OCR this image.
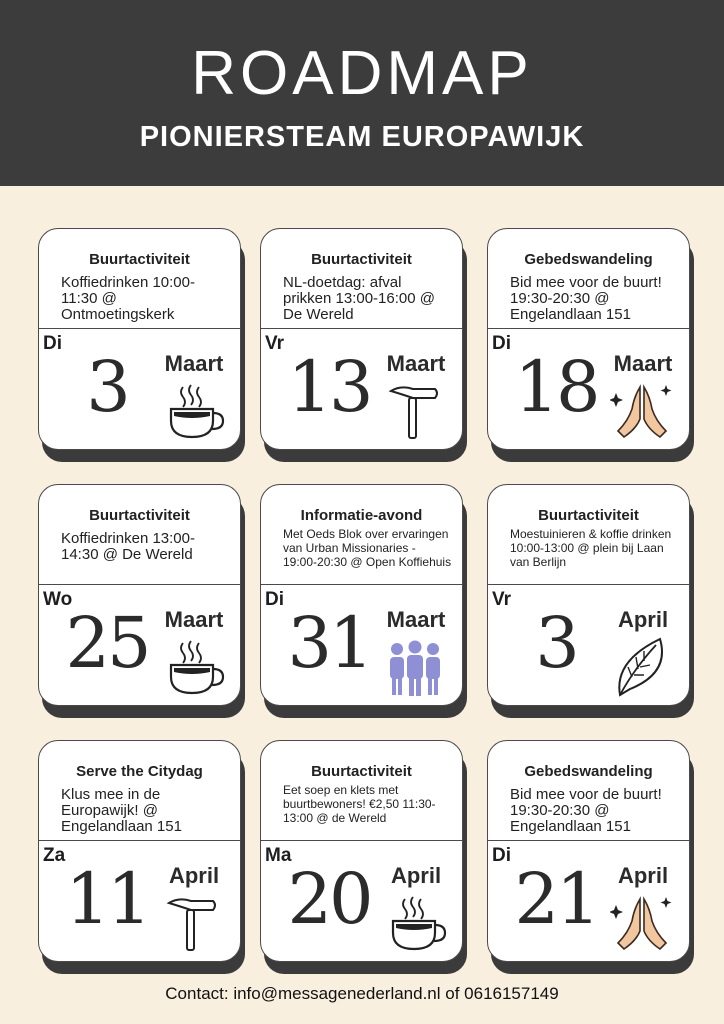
ROADMAP
PIONIERSTEAM EUROPAWIJK
Buurtactiviteit
Koffiedrinken 10:00-11:30 @ Ontmoetingskerk
Di
3	Maart
Buurtactiviteit
NL-doetdag: afval prikken 13:00-16:00 @ De Wereld
Vr
13 Maart
Gebedswandeling
Bid mee voor de buurt! 19:30-20:30 @ Engelandlaan 151
Di
18 Maart
Buurtactiviteit
Koffiedrinken 13:00-14:30 @ De Wereld
Wo
25 Maart
Informatie-avond
Met Oeds Blok over ervaringen van Urban Missionaries - 19:00-20:30 @ Open Koffiehuis
Di
31 Maart
Buurtactiviteit
Moestuinieren & koffie drinken 10:00-13:00 @ plein bij Laan van Berlijn
Vr
3	April
Serve the Citydag
Klus mee in de Europawijk! @ Engelandlaan 151
Za
11 April
Buurtactiviteit
Eet soep en klets met buurtbewoners! €2,50 11:30-13:00 @ de Wereld
Ma
20 April
Gebedswandeling
Bid mee voor de buurt! 19:30-20:30 @ Engelandlaan 151
Di
21 April
Contact: info@messagenederland.nl of 0616157149
